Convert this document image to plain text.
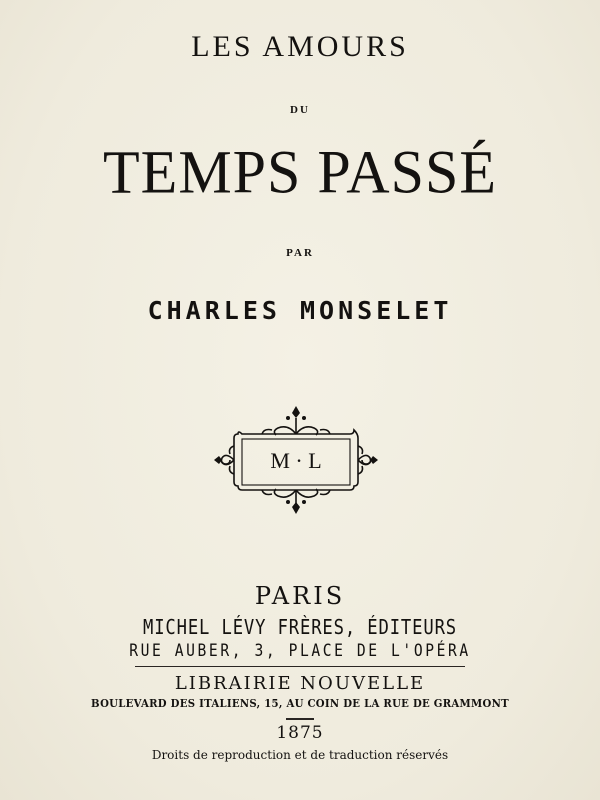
LES AMOURS
DU
TEMPS PASSÉ
PAR
CHARLES MONSELET
M · L
PARIS
MICHEL LÉVY FRÈRES, ÉDITEURS
RUE AUBER, 3, PLACE DE L'OPÉRA
LIBRAIRIE NOUVELLE
BOULEVARD DES ITALIENS, 15, AU COIN DE LA RUE DE GRAMMONT
1875
Droits de reproduction et de traduction réservés
